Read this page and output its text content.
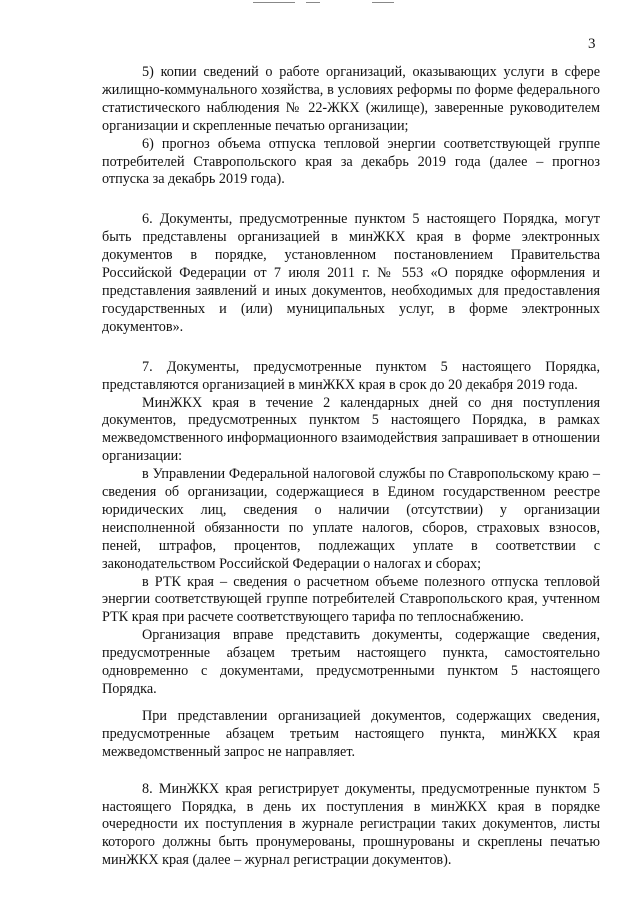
3

5) копии сведений о работе организаций, оказывающих услуги в сфере жилищно-коммунального хозяйства, в условиях реформы по форме федерального статистического наблюдения № 22-ЖКХ (жилище), заверенные руководителем организации и скрепленные печатью организации;

6) прогноз объема отпуска тепловой энергии соответствующей группе потребителей Ставропольского края за декабрь 2019 года (далее – прогноз отпуска за декабрь 2019 года).

6. Документы, предусмотренные пунктом 5 настоящего Порядка, могут быть представлены организацией в минЖКХ края в форме электронных документов в порядке, установленном постановлением Правительства Российской Федерации от 7 июля 2011 г. № 553 «О порядке оформления и представления заявлений и иных документов, необходимых для предоставления государственных и (или) муниципальных услуг, в форме электронных документов».

7. Документы, предусмотренные пунктом 5 настоящего Порядка, представляются организацией в минЖКХ края в срок до 20 декабря 2019 года.

МинЖКХ края в течение 2 календарных дней со дня поступления документов, предусмотренных пунктом 5 настоящего Порядка, в рамках межведомственного информационного взаимодействия запрашивает в отношении организации:

в Управлении Федеральной налоговой службы по Ставропольскому краю – сведения об организации, содержащиеся в Едином государственном реестре юридических лиц, сведения о наличии (отсутствии) у организации неисполненной обязанности по уплате налогов, сборов, страховых взносов, пеней, штрафов, процентов, подлежащих уплате в соответствии с законодательством Российской Федерации о налогах и сборах;

в РТК края – сведения о расчетном объеме полезного отпуска тепловой энергии соответствующей группе потребителей Ставропольского края, учтенном РТК края при расчете соответствующего тарифа по теплоснабжению.

Организация вправе представить документы, содержащие сведения, предусмотренные абзацем третьим настоящего пункта, самостоятельно одновременно с документами, предусмотренными пунктом 5 настоящего Порядка.

При представлении организацией документов, содержащих сведения, предусмотренные абзацем третьим настоящего пункта, минЖКХ края межведомственный запрос не направляет.

8. МинЖКХ края регистрирует документы, предусмотренные пунктом 5 настоящего Порядка, в день их поступления в минЖКХ края в порядке очередности их поступления в журнале регистрации таких документов, листы которого должны быть пронумерованы, прошнурованы и скреплены печатью минЖКХ края (далее – журнал регистрации документов).
